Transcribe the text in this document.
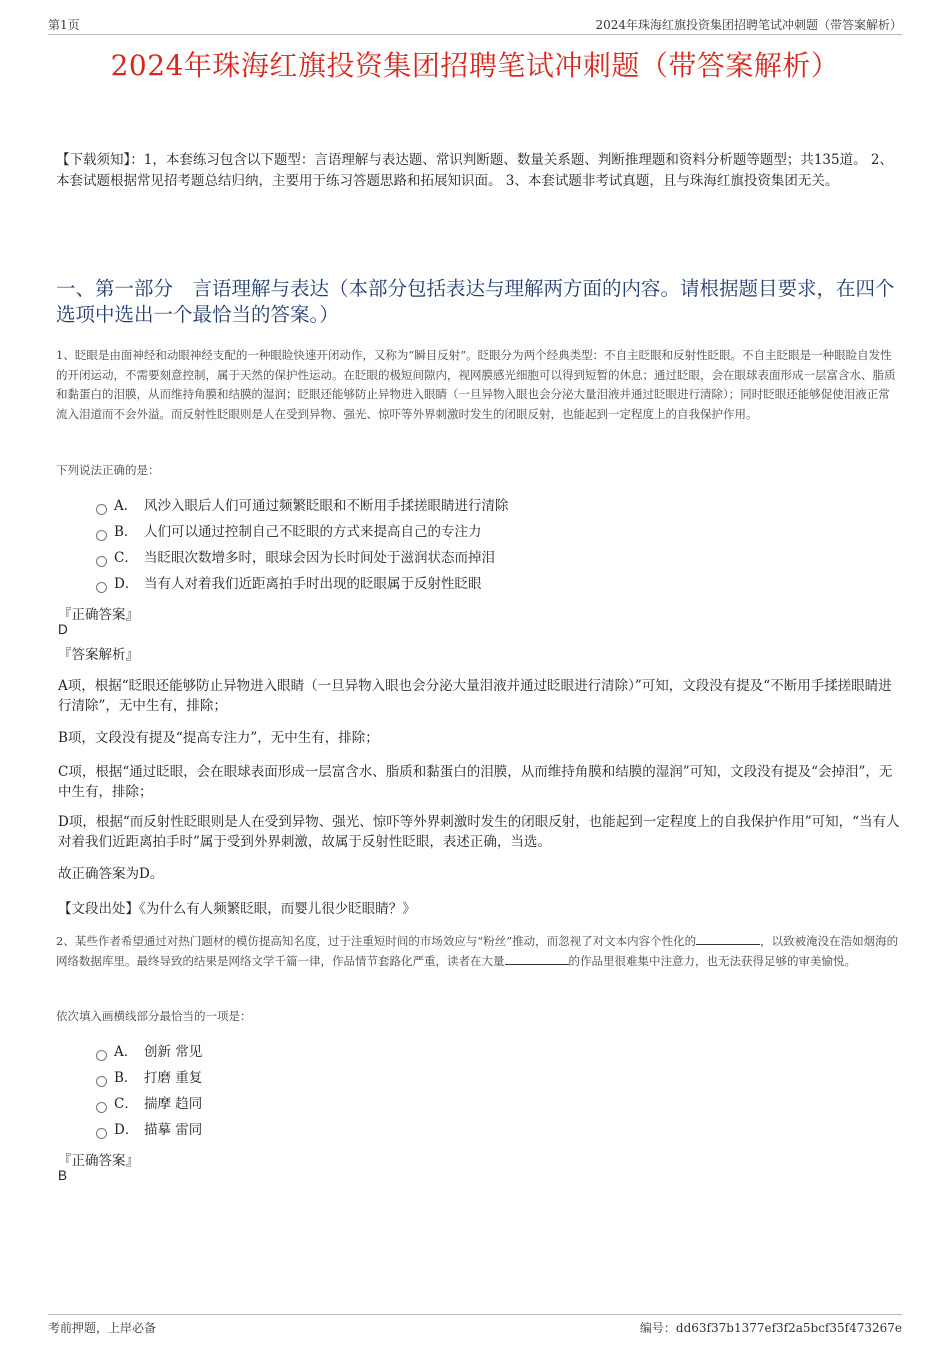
第1页	2024年珠海红旗投资集团招聘笔试冲刺题（带答案解析）
2024年珠海红旗投资集团招聘笔试冲刺题（带答案解析）
【下载须知】：1，本套练习包含以下题型：言语理解与表达题、常识判断题、数量关系题、判断推理题和资料分析题等题型；共135道。 2、本套试题根据常见招考题总结归纳，主要用于练习答题思路和拓展知识面。 3、本套试题非考试真题，且与珠海红旗投资集团无关。
一、第一部分　言语理解与表达（本部分包括表达与理解两方面的内容。请根据题目要求，在四个选项中选出一个最恰当的答案。）
1、眨眼是由面神经和动眼神经支配的一种眼睑快速开闭动作，又称为“瞬目反射”。眨眼分为两个经典类型：不自主眨眼和反射性眨眼。不自主眨眼是一种眼睑自发性的开闭运动，不需要刻意控制，属于天然的保护性运动。在眨眼的极短间隙内，视网膜感光细胞可以得到短暂的休息；通过眨眼，会在眼球表面形成一层富含水、脂质和黏蛋白的泪膜，从而维持角膜和结膜的湿润；眨眼还能够防止异物进入眼睛（一旦异物入眼也会分泌大量泪液并通过眨眼进行清除）；同时眨眼还能够促使泪液正常流入泪道而不会外溢。而反射性眨眼则是人在受到异物、强光、惊吓等外界刺激时发生的闭眼反射，也能起到一定程度上的自我保护作用。
下列说法正确的是：
A． 风沙入眼后人们可通过频繁眨眼和不断用手揉搓眼睛进行清除
B． 人们可以通过控制自己不眨眼的方式来提高自己的专注力
C． 当眨眼次数增多时，眼球会因为长时间处于滋润状态而掉泪
D． 当有人对着我们近距离拍手时出现的眨眼属于反射性眨眼
『正确答案』
D
『答案解析』
A项，根据“眨眼还能够防止异物进入眼睛（一旦异物入眼也会分泌大量泪液并通过眨眼进行清除）”可知，文段没有提及“不断用手揉搓眼睛进行清除”，无中生有，排除；
B项，文段没有提及“提高专注力”，无中生有，排除；
C项，根据“通过眨眼，会在眼球表面形成一层富含水、脂质和黏蛋白的泪膜，从而维持角膜和结膜的湿润”可知，文段没有提及“会掉泪”，无中生有，排除；
D项，根据“而反射性眨眼则是人在受到异物、强光、惊吓等外界刺激时发生的闭眼反射，也能起到一定程度上的自我保护作用”可知，“当有人对着我们近距离拍手时”属于受到外界刺激，故属于反射性眨眼，表述正确，当选。
故正确答案为D。
【文段出处】《为什么有人频繁眨眼，而婴儿很少眨眼睛？》
2、某些作者希望通过对热门题材的模仿提高知名度，过于注重短时间的市场效应与“粉丝”推动，而忽视了对文本内容个性化的	，以致被淹没在浩如烟海的网络数据库里。最终导致的结果是网络文学千篇一律，作品情节套路化严重，读者在大量	的作品里很难集中注意力，也无法获得足够的审美愉悦。
依次填入画横线部分最恰当的一项是：
A． 创新 常见
B． 打磨 重复
C． 揣摩 趋同
D． 描摹 雷同
『正确答案』
B
考前押题，上岸必备	编号：dd63f37b1377ef3f2a5bcf35f473267e
